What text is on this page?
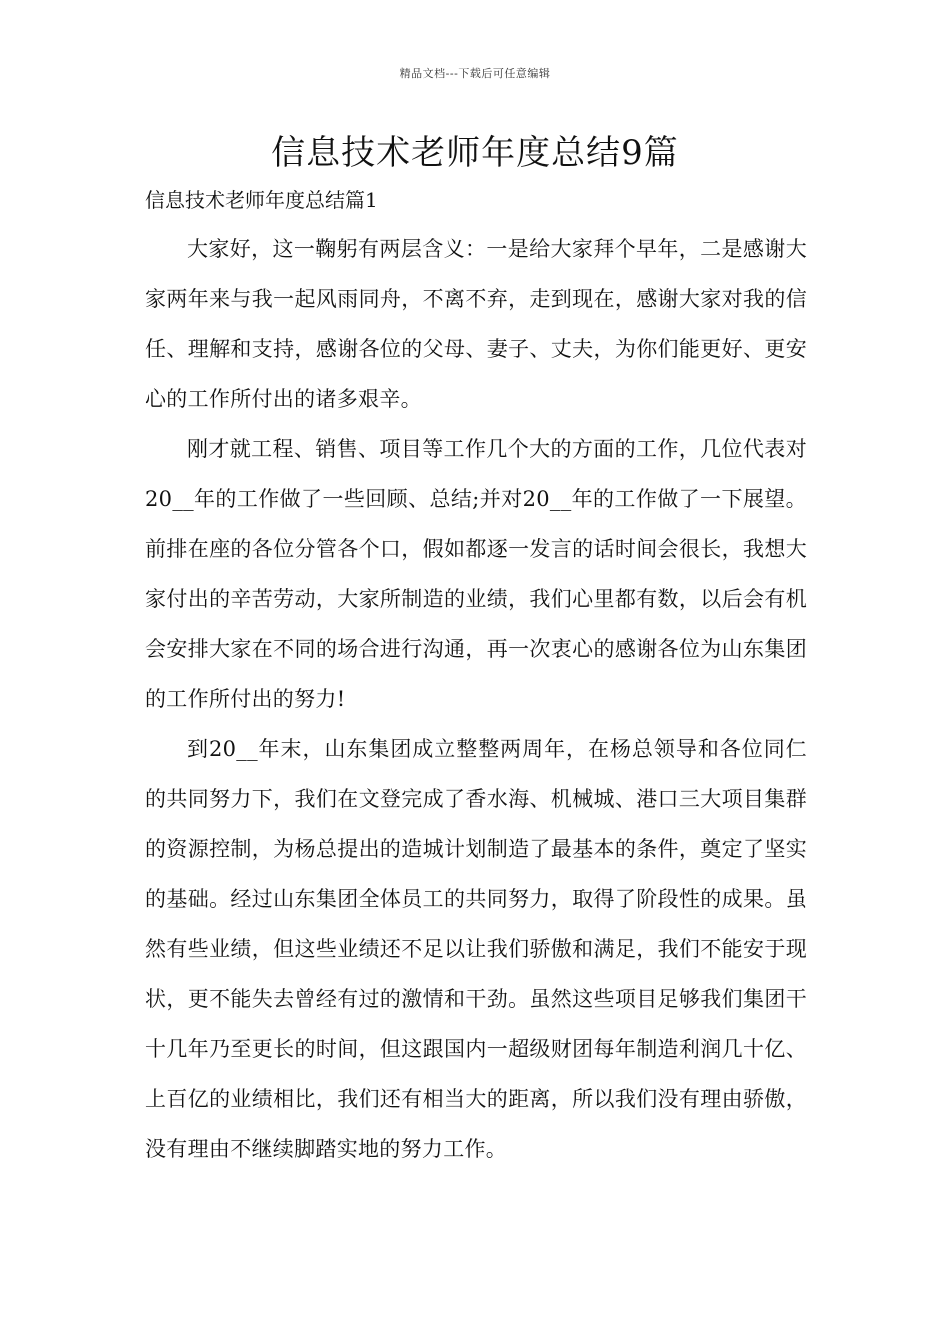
精品文档---下载后可任意编辑
信息技术老师年度总结9篇
信息技术老师年度总结篇1

大家好，这一鞠躬有两层含义：一是给大家拜个早年，二是感谢大家两年来与我一起风雨同舟，不离不弃，走到现在，感谢大家对我的信任、理解和支持，感谢各位的父母、妻子、丈夫，为你们能更好、更安心的工作所付出的诸多艰辛。

刚才就工程、销售、项目等工作几个大的方面的工作，几位代表对20__年的工作做了一些回顾、总结;并对20__年的工作做了一下展望。前排在座的各位分管各个口，假如都逐一发言的话时间会很长，我想大家付出的辛苦劳动，大家所制造的业绩，我们心里都有数，以后会有机会安排大家在不同的场合进行沟通，再一次衷心的感谢各位为山东集团的工作所付出的努力!

到20__年末，山东集团成立整整两周年，在杨总领导和各位同仁的共同努力下，我们在文登完成了香水海、机械城、港口三大项目集群的资源控制，为杨总提出的造城计划制造了最基本的条件，奠定了坚实的基础。经过山东集团全体员工的共同努力，取得了阶段性的成果。虽然有些业绩，但这些业绩还不足以让我们骄傲和满足，我们不能安于现状，更不能失去曾经有过的激情和干劲。虽然这些项目足够我们集团干十几年乃至更长的时间，但这跟国内一超级财团每年制造利润几十亿、上百亿的业绩相比，我们还有相当大的距离，所以我们没有理由骄傲，没有理由不继续脚踏实地的努力工作。
